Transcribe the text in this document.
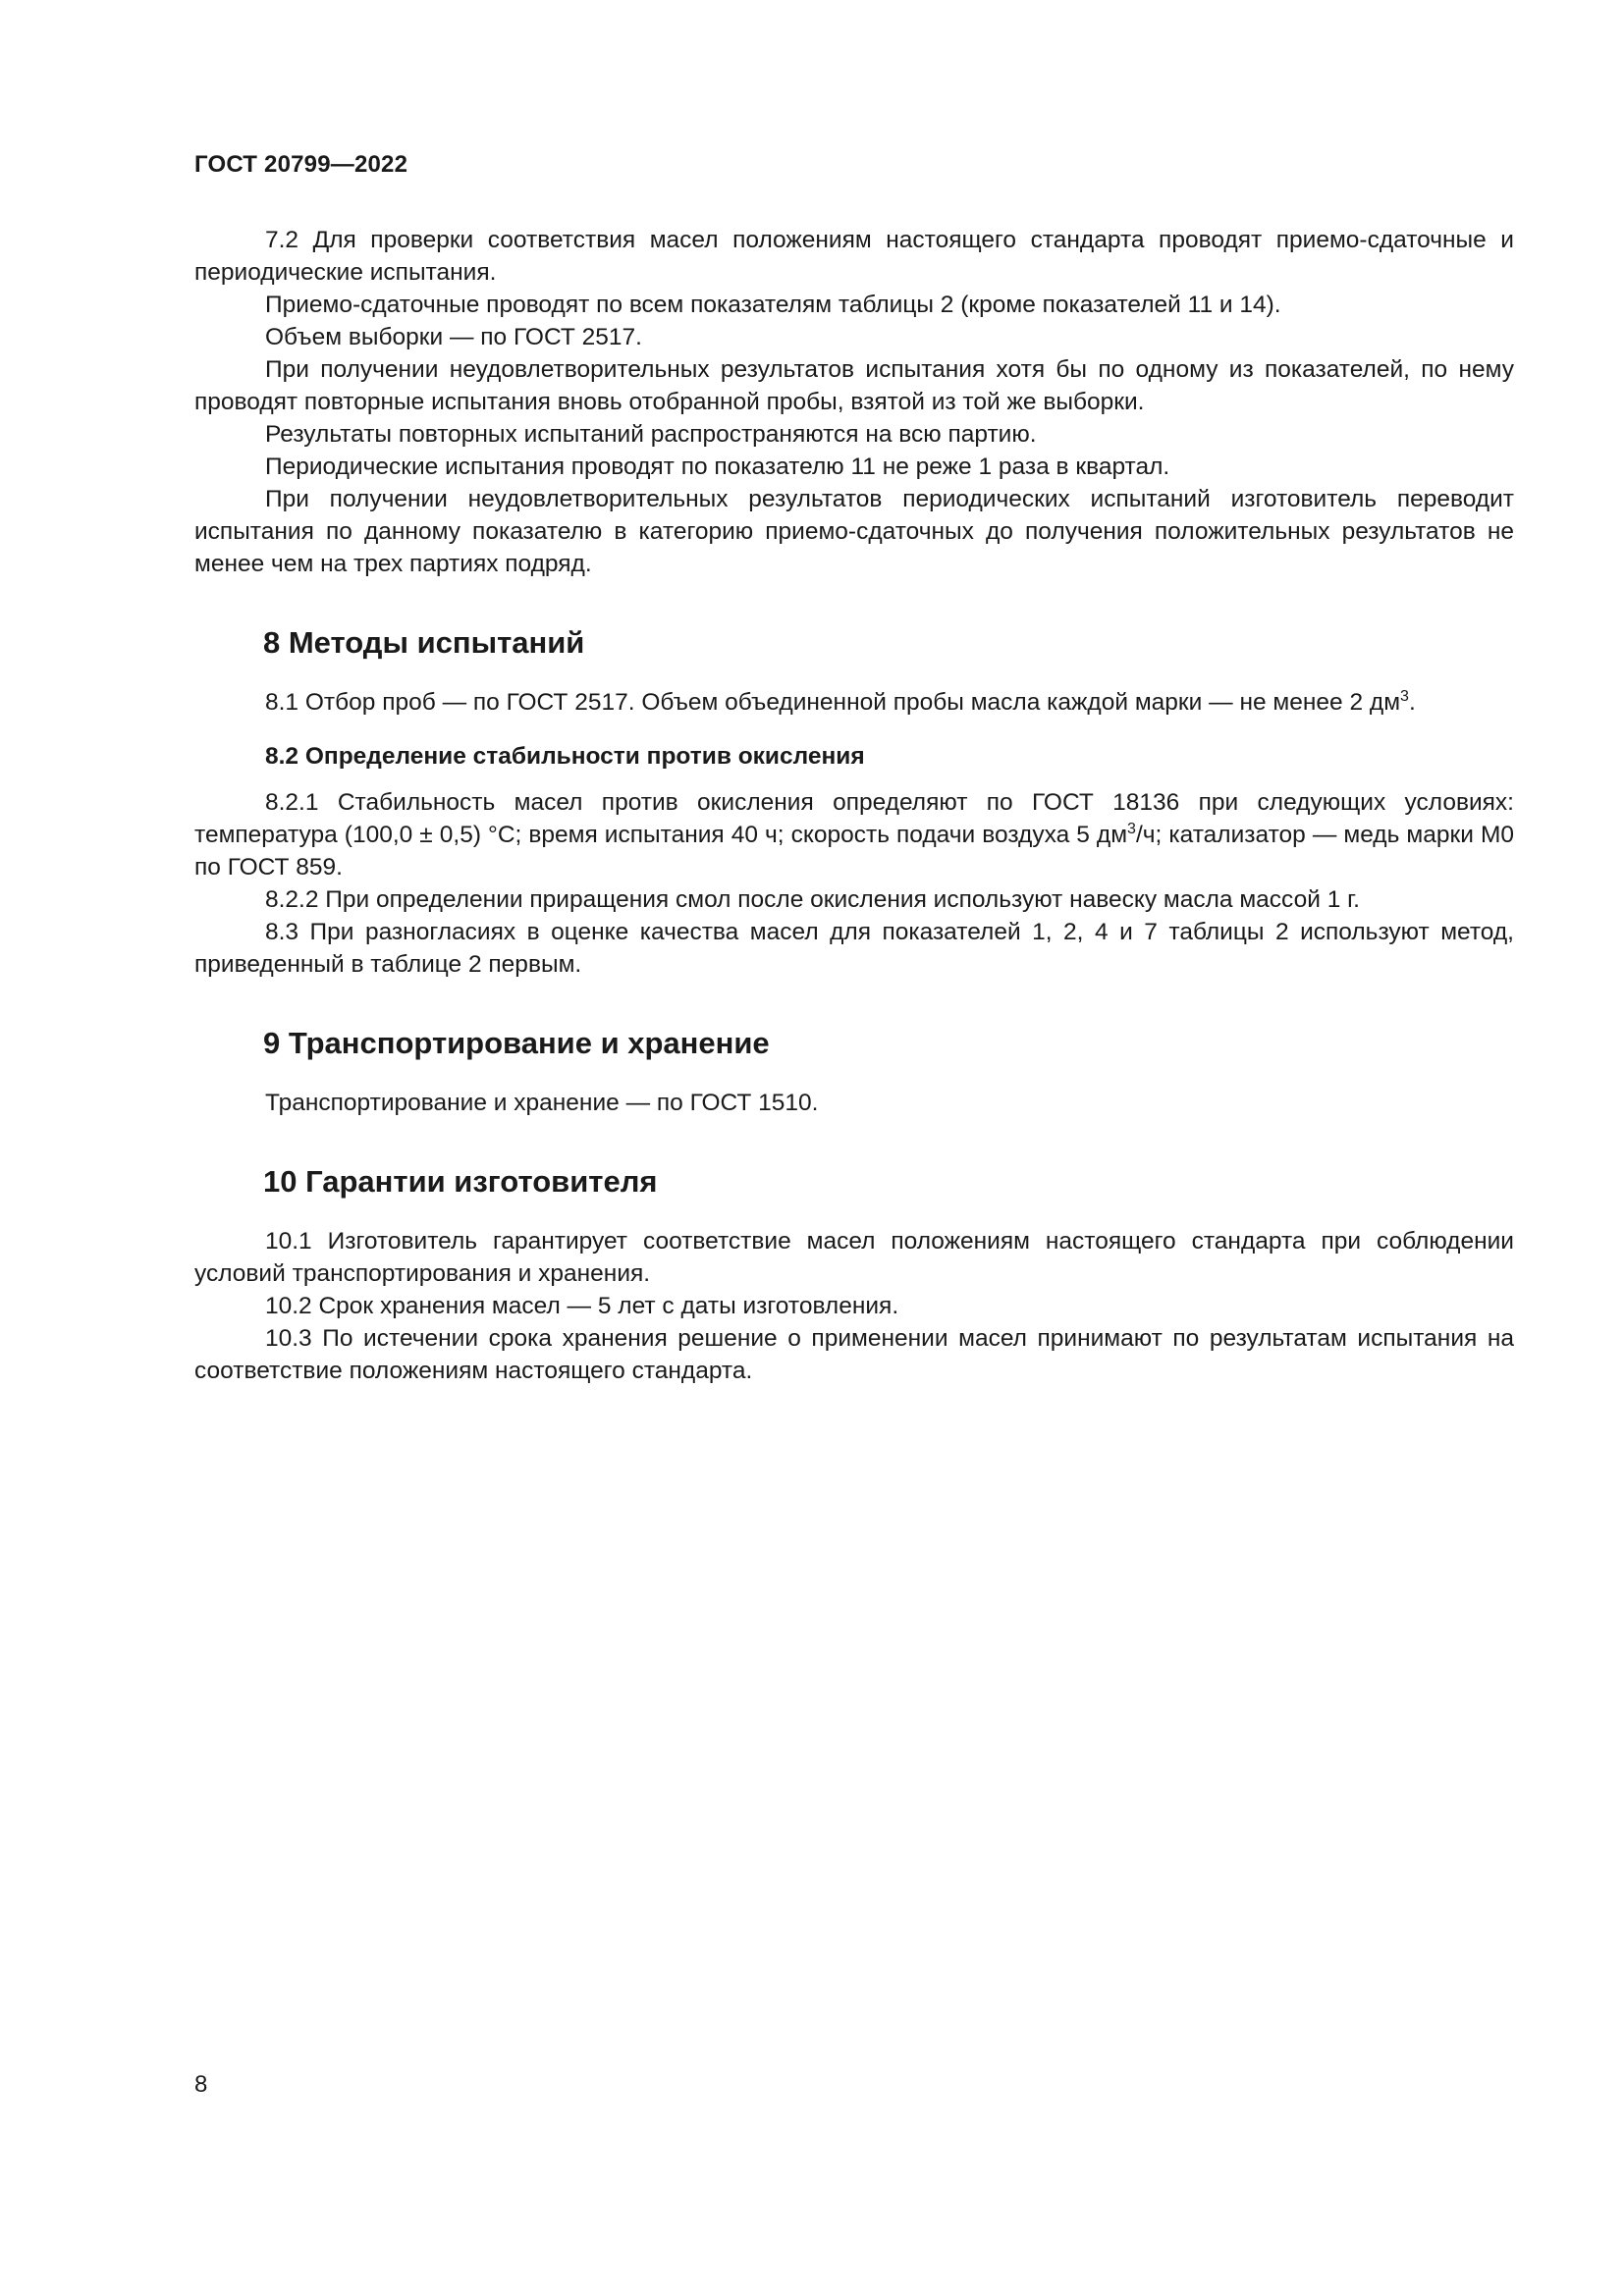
ГОСТ 20799—2022

7.2 Для проверки соответствия масел положениям настоящего стандарта проводят приемо-сдаточные и периодические испытания.

Приемо-сдаточные проводят по всем показателям таблицы 2 (кроме показателей 11 и 14).

Объем выборки — по ГОСТ 2517.

При получении неудовлетворительных результатов испытания хотя бы по одному из показателей, по нему проводят повторные испытания вновь отобранной пробы, взятой из той же выборки.

Результаты повторных испытаний распространяются на всю партию.

Периодические испытания проводят по показателю 11 не реже 1 раза в квартал.

При получении неудовлетворительных результатов периодических испытаний изготовитель переводит испытания по данному показателю в категорию приемо-сдаточных до получения положительных результатов не менее чем на трех партиях подряд.

8 Методы испытаний

8.1 Отбор проб — по ГОСТ 2517. Объем объединенной пробы масла каждой марки — не менее 2 $дм^3$.

8.2 Определение стабильности против окисления

8.2.1 Стабильность масел против окисления определяют по ГОСТ 18136 при следующих условиях: температура (100,0 ± 0,5) °С; время испытания 40 ч; скорость подачи воздуха 5 $дм^3/ч$; катализатор — медь марки М0 по ГОСТ 859.

8.2.2 При определении приращения смол после окисления используют навеску масла массой 1 г.

8.3 При разногласиях в оценке качества масел для показателей 1, 2, 4 и 7 таблицы 2 используют метод, приведенный в таблице 2 первым.

9 Транспортирование и хранение

Транспортирование и хранение — по ГОСТ 1510.

10 Гарантии изготовителя

10.1 Изготовитель гарантирует соответствие масел положениям настоящего стандарта при соблюдении условий транспортирования и хранения.

10.2 Срок хранения масел — 5 лет с даты изготовления.

10.3 По истечении срока хранения решение о применении масел принимают по результатам испытания на соответствие положениям настоящего стандарта.

8
